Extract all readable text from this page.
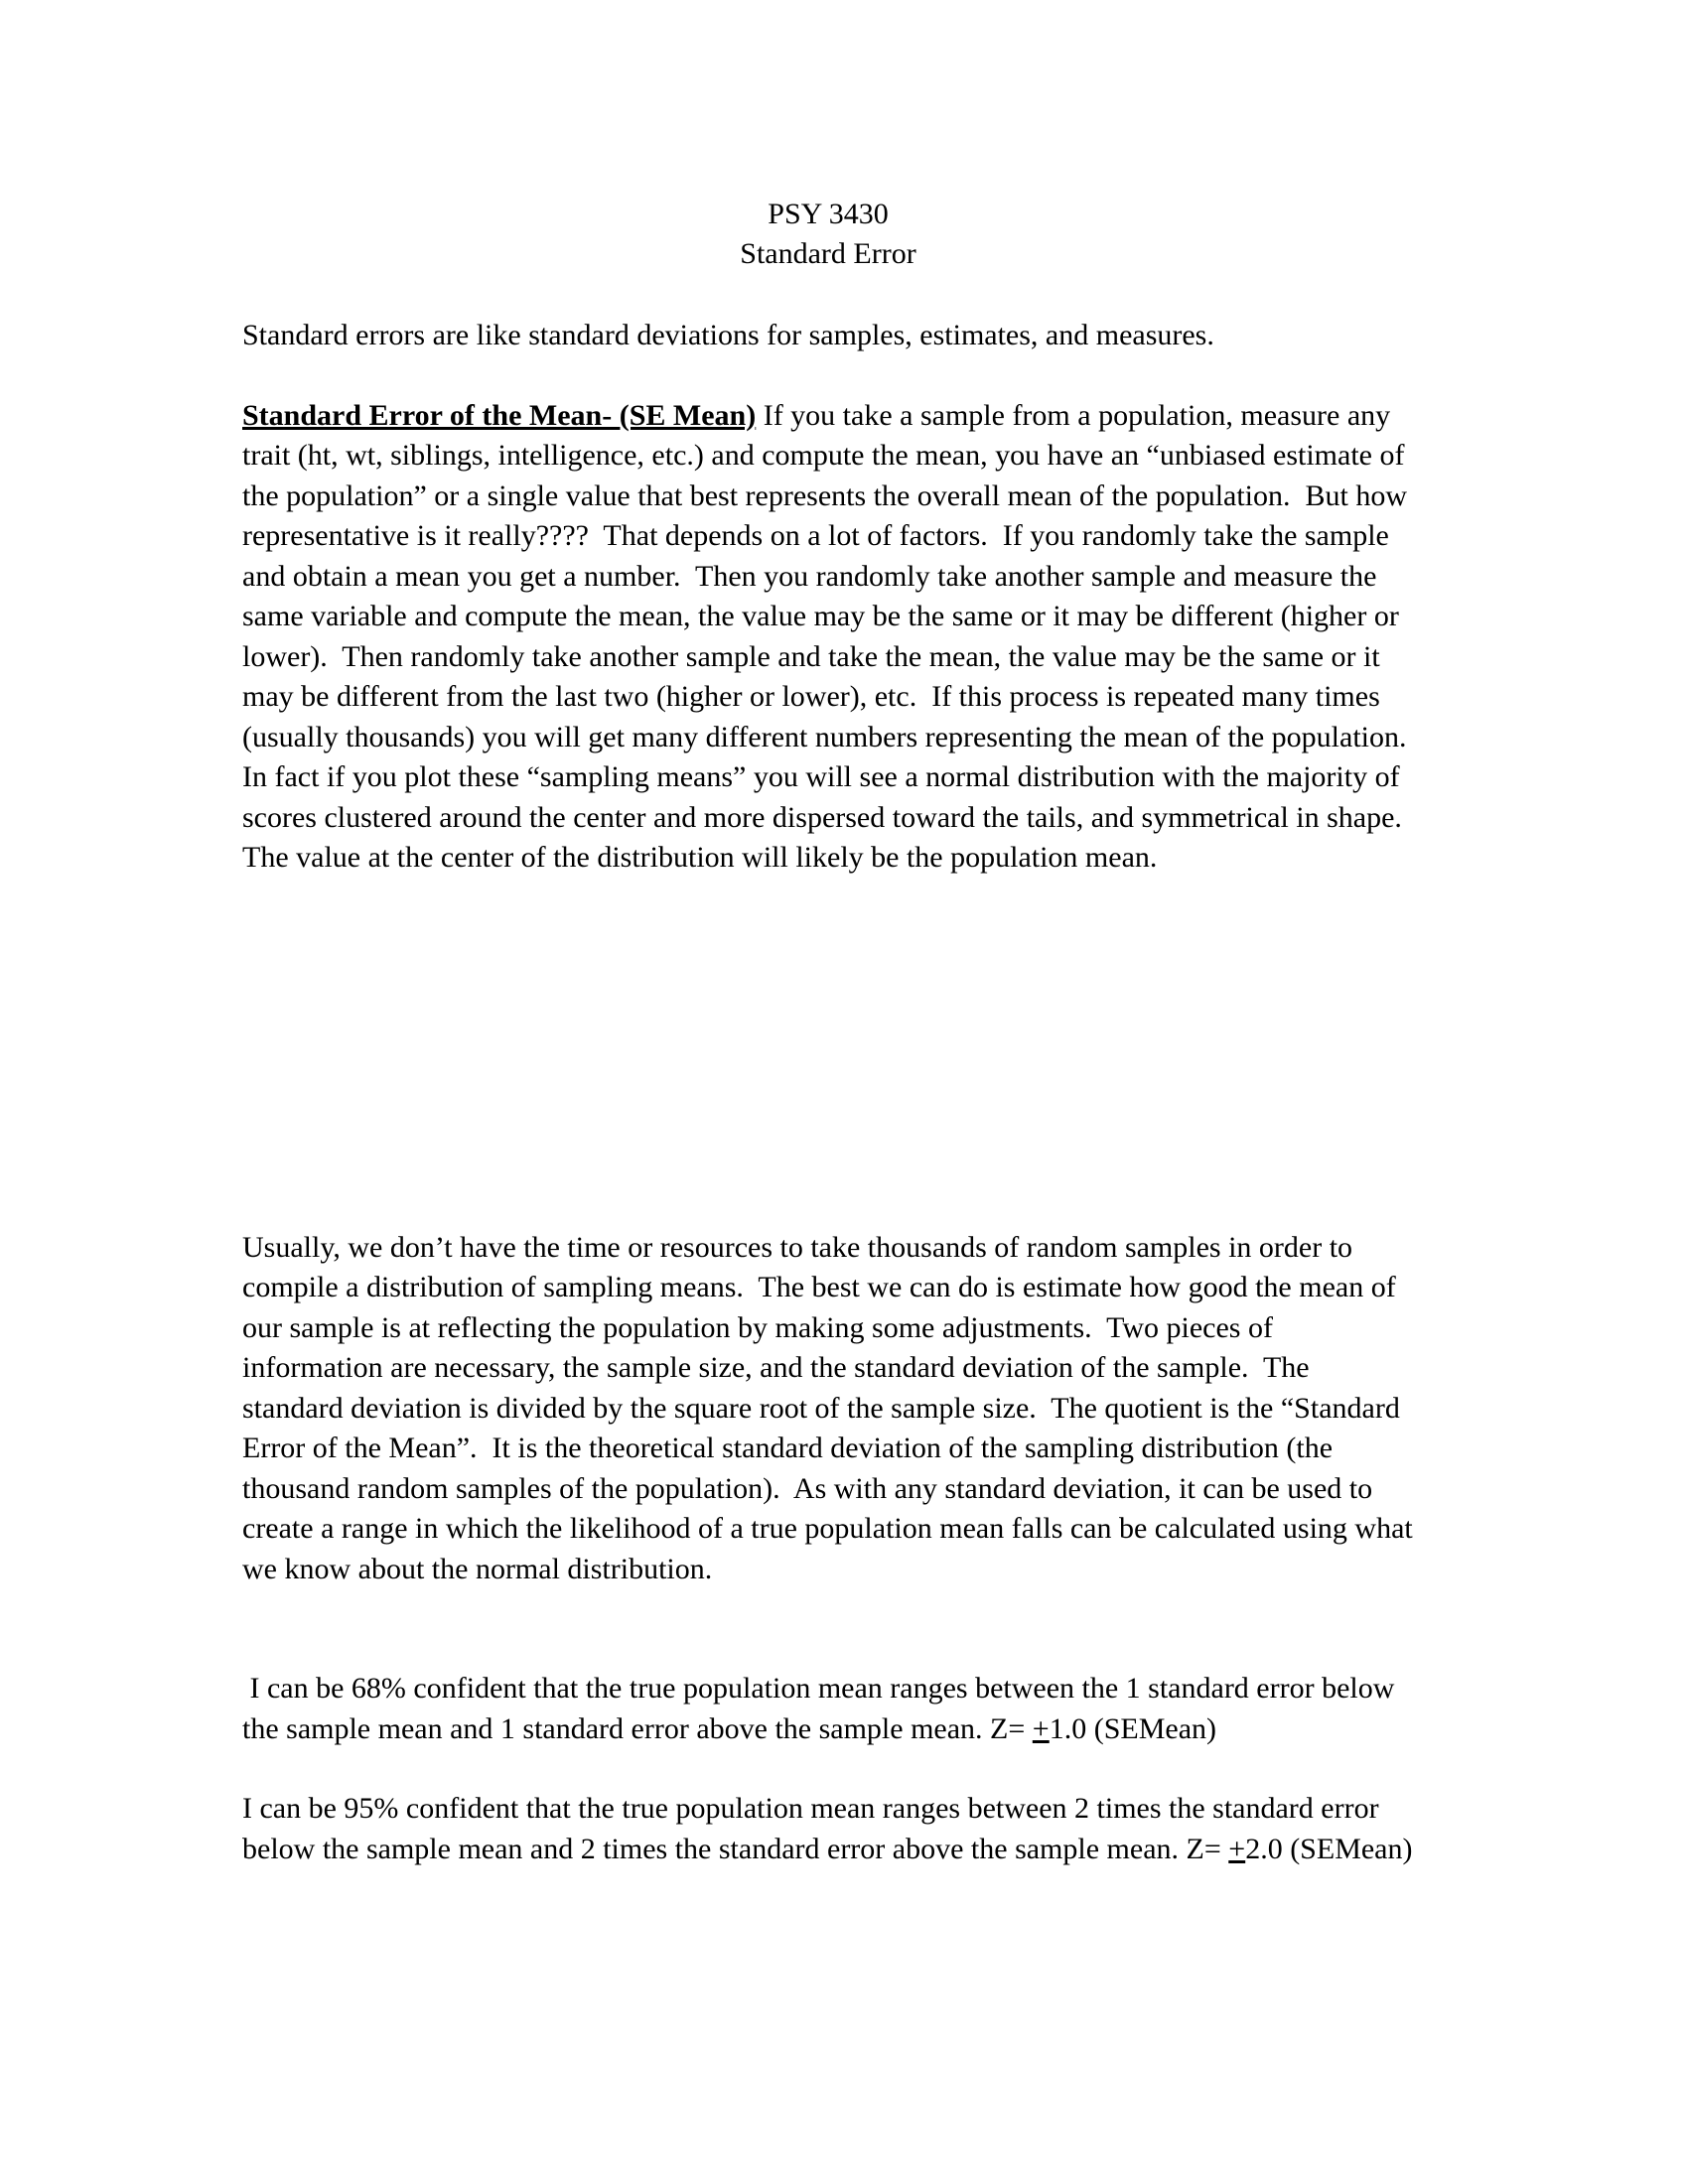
PSY 3430
Standard Error

Standard errors are like standard deviations for samples, estimates, and measures.

Standard Error of the Mean- (SE Mean) If you take a sample from a population, measure any trait (ht, wt, siblings, intelligence, etc.) and compute the mean, you have an “unbiased estimate of the population” or a single value that best represents the overall mean of the population.  But how representative is it really????  That depends on a lot of factors.  If you randomly take the sample and obtain a mean you get a number.  Then you randomly take another sample and measure the same variable and compute the mean, the value may be the same or it may be different (higher or lower).  Then randomly take another sample and take the mean, the value may be the same or it may be different from the last two (higher or lower), etc.  If this process is repeated many times (usually thousands) you will get many different numbers representing the mean of the population.  In fact if you plot these “sampling means” you will see a normal distribution with the majority of scores clustered around the center and more dispersed toward the tails, and symmetrical in shape.  The value at the center of the distribution will likely be the population mean.

Usually, we don’t have the time or resources to take thousands of random samples in order to compile a distribution of sampling means.  The best we can do is estimate how good the mean of our sample is at reflecting the population by making some adjustments.  Two pieces of information are necessary, the sample size, and the standard deviation of the sample.  The standard deviation is divided by the square root of the sample size.  The quotient is the “Standard Error of the Mean”.  It is the theoretical standard deviation of the sampling distribution (the thousand random samples of the population).  As with any standard deviation, it can be used to create a range in which the likelihood of a true population mean falls can be calculated using what we know about the normal distribution.

I can be 68% confident that the true population mean ranges between the 1 standard error below the sample mean and 1 standard error above the sample mean. Z= +1.0 (SEMean)

I can be 95% confident that the true population mean ranges between 2 times the standard error below the sample mean and 2 times the standard error above the sample mean. Z= +2.0 (SEMean)
